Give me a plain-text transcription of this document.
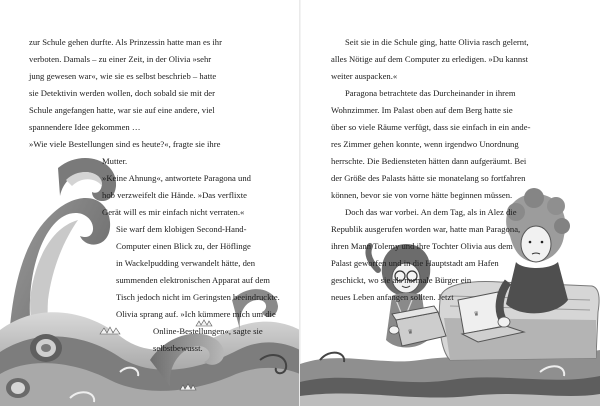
zur Schule gehen durfte. Als Prinzessin hatte man es ihr
verboten. Damals – zu einer Zeit, in der Olivia »sehr
jung gewesen war«, wie sie es selbst beschrieb – hatte
sie Detektivin werden wollen, doch sobald sie mit der
Schule angefangen hatte, war sie auf eine andere, viel
spannendere Idee gekommen …
»Wie viele Bestellungen sind es heute?«, fragte sie ihre
Mutter.
»Keine Ahnung«, antwortete Paragona und
hob verzweifelt die Hände. »Das verflixte
Gerät will es mir einfach nicht verraten.«
Sie warf dem klobigen Second-Hand-
Computer einen Blick zu, der Höflinge
in Wackelpudding verwandelt hätte, den
summenden elektronischen Apparat auf dem
Tisch jedoch nicht im Geringsten beeindruckte.
Olivia sprang auf. »Ich kümmere mich um die
Online-Bestellungen«, sagte sie
selbstbewusst.
♛
♛
Seit sie in die Schule ging, hatte Olivia rasch gelernt,
alles Nötige auf dem Computer zu erledigen. »Du kannst
weiter auspacken.«
Paragona betrachtete das Durcheinander in ihrem
Wohnzimmer. Im Palast oben auf dem Berg hatte sie
über so viele Räume verfügt, dass sie einfach in ein ande-
res Zimmer gehen konnte, wenn irgendwo Unordnung
herrschte. Die Bediensteten hätten dann aufgeräumt. Bei
der Größe des Palasts hätte sie monatelang so fortfahren
können, bevor sie von vorne hätte beginnen müssen.
Doch das war vorbei. An dem Tag, als in Alez die
Republik ausgerufen worden war, hatte man Paragona,
ihren Mann Tolemy und ihre Tochter Olivia aus dem
Palast geworfen und in die Hauptstadt am Hafen
geschickt, wo sie als normale Bürger ein
neues Leben anfangen sollten. Jetzt
